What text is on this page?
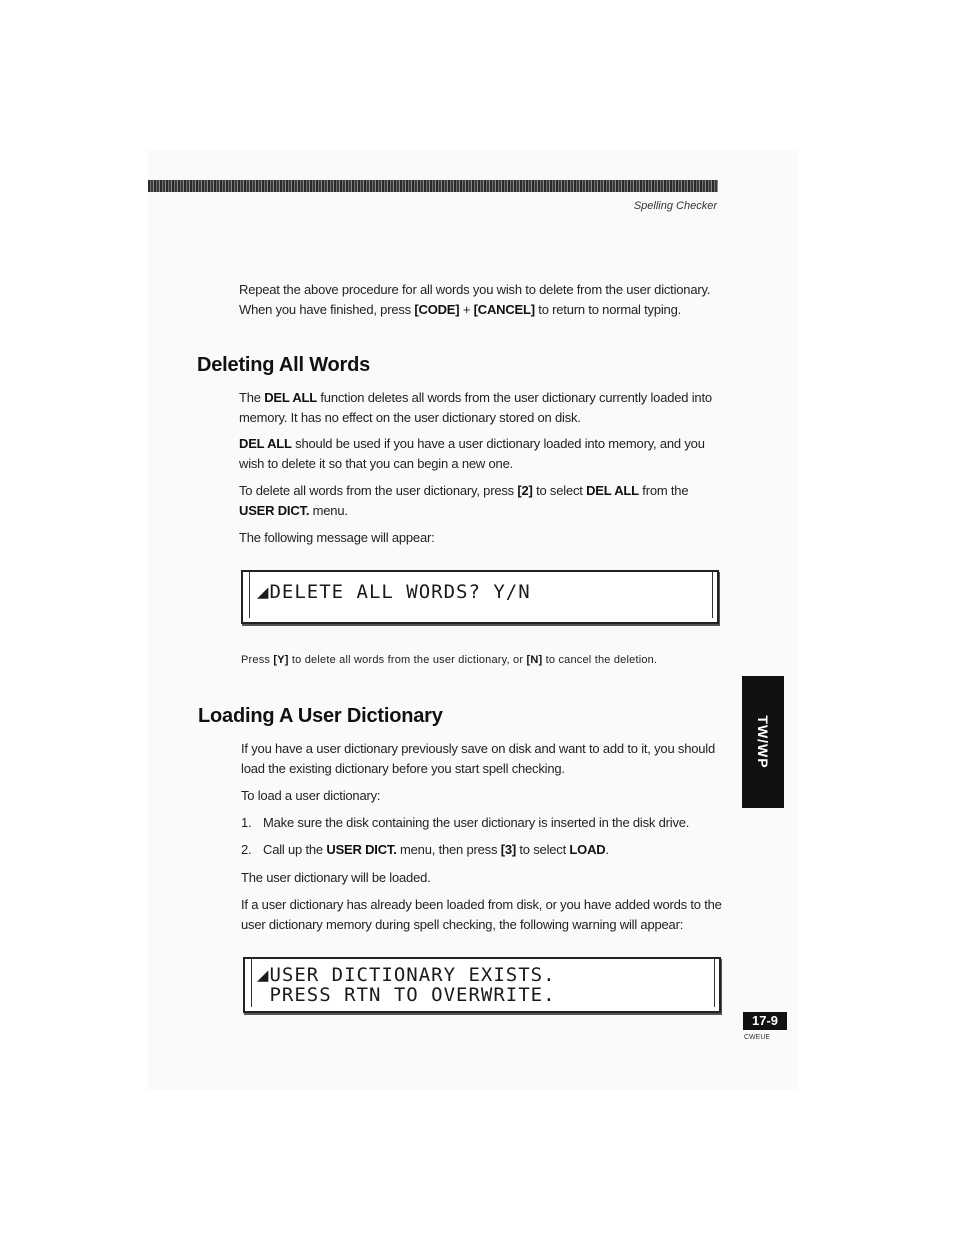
Spelling Checker
Repeat the above procedure for all words you wish to delete from the user dictionary.
When you have finished, press [CODE] + [CANCEL] to return to normal typing.
Deleting All Words
The DEL ALL function deletes all words from the user dictionary currently loaded into memory. It has no effect on the user dictionary stored on disk.
DEL ALL should be used if you have a user dictionary loaded into memory, and you wish to delete it so that you can begin a new one.
To delete all words from the user dictionary, press [2] to select DEL ALL from the USER DICT. menu.
The following message will appear:
◢DELETE ALL WORDS? Y/N
Press [Y] to delete all words from the user dictionary, or [N] to cancel the deletion.
Loading A User Dictionary
If you have a user dictionary previously save on disk and want to add to it, you should load the existing dictionary before you start spell checking.
To load a user dictionary:
1. Make sure the disk containing the user dictionary is inserted in the disk drive.
2. Call up the USER DICT. menu, then press [3] to select LOAD.
The user dictionary will be loaded.
If a user dictionary has already been loaded from disk, or you have added words to the user dictionary memory during spell checking, the following warning will appear:
◢USER DICTIONARY EXISTS.
PRESS RTN TO OVERWRITE.
TW/WP
17-9
CWEUE
